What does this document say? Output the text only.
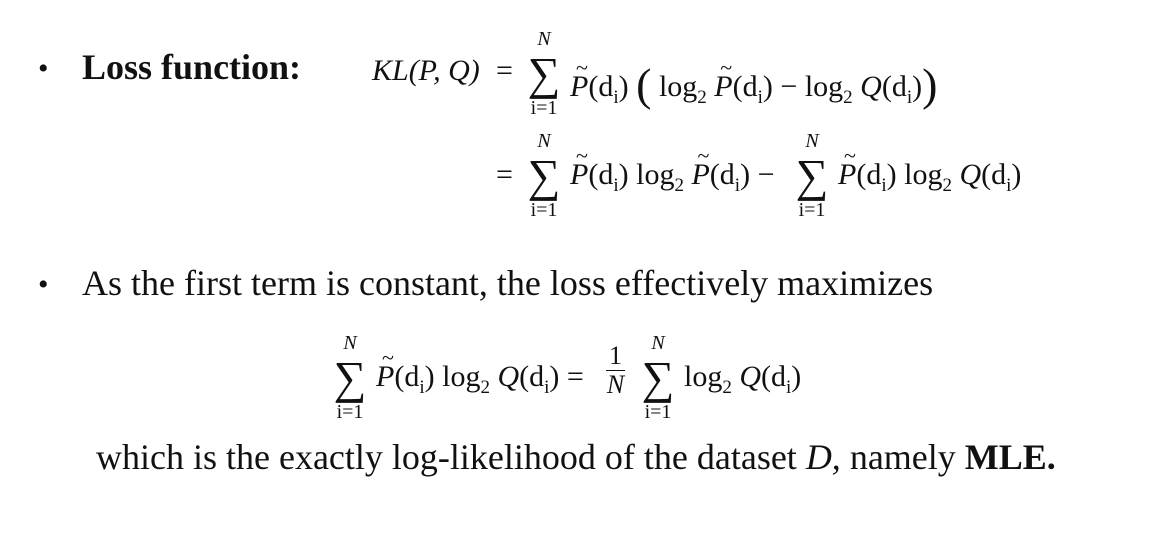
• Loss function: KL(P, Q) =
N
∑
i=1
~ $P(d_i)$ ( $\log_2$ ~ $P(d_i) - \log_2 Q(d_i)$)
=
N
∑
i=1
~ $P(d_i)$ $\log_2$ ~ $P(d_i)$ −
N
∑
i=1
~ $P(d_i)$ $\log_2 Q(d_i)$
• As the first term is constant, the loss effectively maximizes
N
∑
i=1
~ $P(d_i)$ $\log_2 Q(d_i) = \frac{1}{N}$	N
∑
i=1
$\log_2 Q(d_i)$
which is the exactly log-likelihood of the dataset D, namely MLE.
